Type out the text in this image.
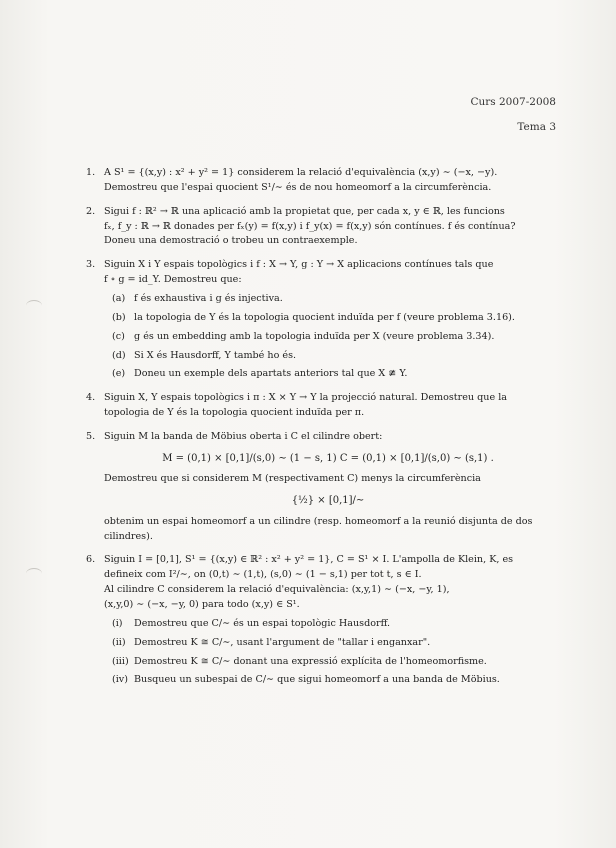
Curs 2007-2008
Tema 3
1. A S¹ = {(x,y) : x² + y² = 1} considerem la relació d'equivalència (x,y) ∼ (−x, −y).
Demostreu que l'espai quocient S¹/∼ és de nou homeomorf a la circumferència.
2. Sigui f : ℝ² → ℝ una aplicació amb la propietat que, per cada x, y ∈ ℝ, les funcions
fₓ, f_y : ℝ → ℝ donades per fₓ(y) = f(x,y) i f_y(x) = f(x,y) són contínues. f és contínua?
Doneu una demostració o trobeu un contraexemple.
3. Siguin X i Y espais topològics i f : X → Y, g : Y → X aplicacions contínues tals que
f ∘ g = id_Y. Demostreu que:
(a) f és exhaustiva i g és injectiva.
(b) la topologia de Y és la topologia quocient induïda per f (veure problema 3.16).
(c) g és un embedding amb la topologia induïda per X (veure problema 3.34).
(d) Si X és Hausdorff, Y també ho és.
(e) Doneu un exemple dels apartats anteriors tal que X ≇ Y.
4. Siguin X, Y espais topològics i π : X × Y → Y la projecció natural. Demostreu que la
topologia de Y és la topologia quocient induïda per π.
5. Siguin M la banda de Möbius oberta i C el cilindre obert:
M = (0,1) × [0,1]/(s,0) ∼ (1 − s, 1) C = (0,1) × [0,1]/(s,0) ∼ (s,1) .
Demostreu que si considerem M (respectivament C) menys la circumferència
{½} × [0,1]/∼
obtenim un espai homeomorf a un cilindre (resp. homeomorf a la reunió disjunta de dos
cilindres).
6. Siguin I = [0,1], S¹ = {(x,y) ∈ ℝ² : x² + y² = 1}, C = S¹ × I. L'ampolla de Klein, K, es
defineix com I²/∼, on (0,t) ∼ (1,t), (s,0) ∼ (1 − s,1) per tot t, s ∈ I.
Al cilindre C considerem la relació d'equivalència: (x,y,1) ∼ (−x, −y, 1),
(x,y,0) ∼ (−x, −y, 0) para todo (x,y) ∈ S¹.
(i) Demostreu que C/∼ és un espai topològic Hausdorff.
(ii) Demostreu K ≅ C/∼, usant l'argument de "tallar i enganxar".
(iii) Demostreu K ≅ C/∼ donant una expressió explícita de l'homeomorfisme.
(iv) Busqueu un subespai de C/∼ que sigui homeomorf a una banda de Möbius.
